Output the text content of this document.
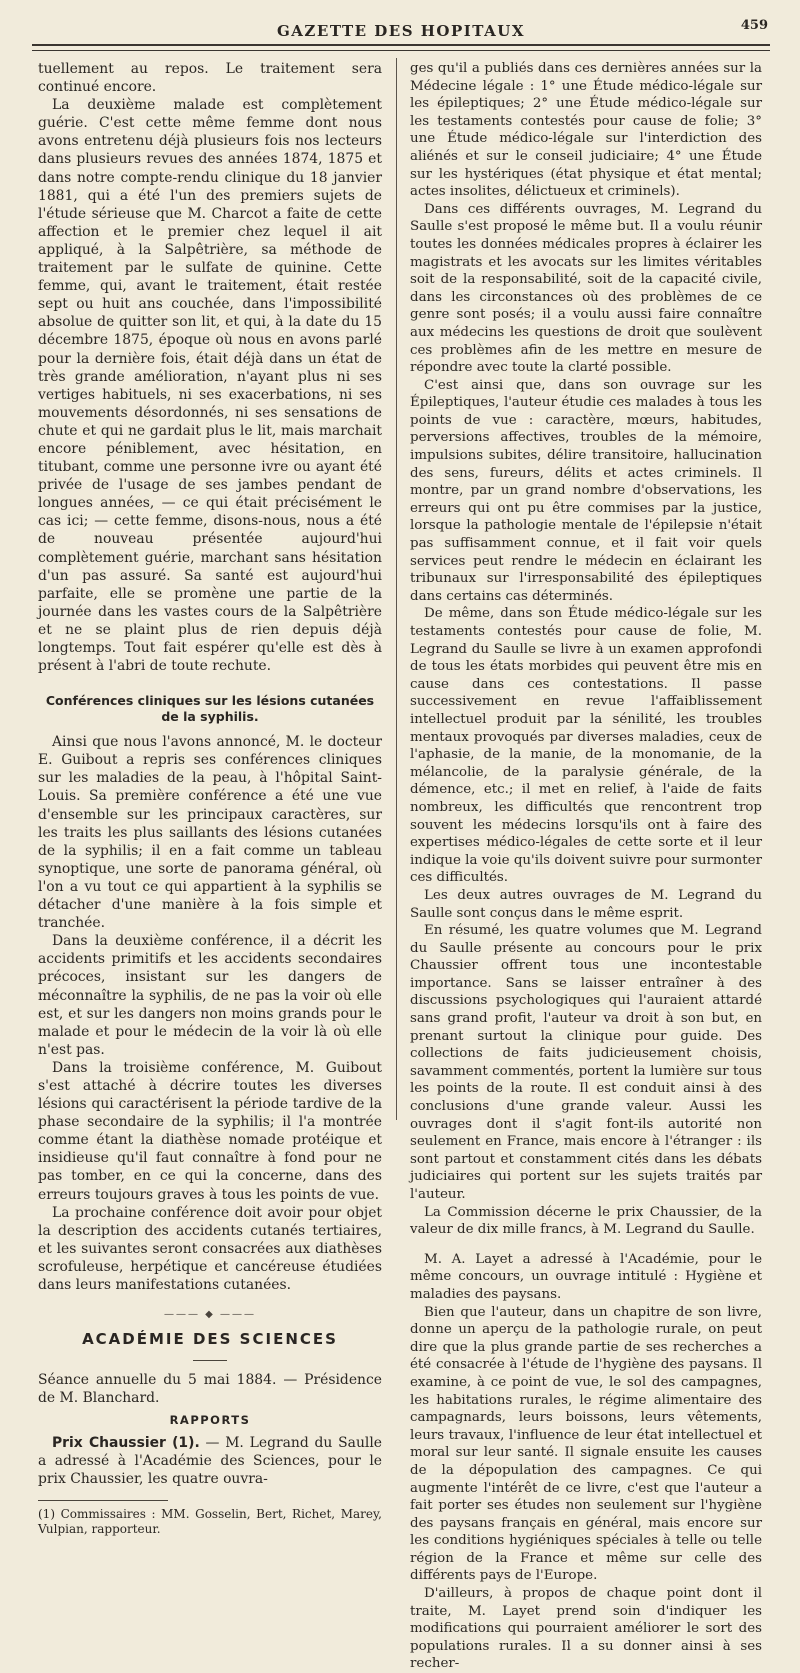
GAZETTE DES HOPITAUX	459

tuellement au repos. Le traitement sera continué encore.

La deuxième malade est complètement guérie. C'est cette même femme dont nous avons entretenu déjà plusieurs fois nos lecteurs dans plusieurs revues des années 1874, 1875 et dans notre compte-rendu clinique du 18 janvier 1881, qui a été l'un des premiers sujets de l'étude sérieuse que M. Charcot a faite de cette affection et le premier chez lequel il ait appliqué, à la Salpêtrière, sa méthode de traitement par le sulfate de quinine. Cette femme, qui, avant le traitement, était restée sept ou huit ans couchée, dans l'impossibilité absolue de quitter son lit, et qui, à la date du 15 décembre 1875, époque où nous en avons parlé pour la dernière fois, était déjà dans un état de très grande amélioration, n'ayant plus ni ses vertiges habituels, ni ses exacerbations, ni ses mouvements désordonnés, ni ses sensations de chute et qui ne gardait plus le lit, mais marchait encore péniblement, avec hésitation, en titubant, comme une personne ivre ou ayant été privée de l'usage de ses jambes pendant de longues années, — ce qui était précisément le cas ici; — cette femme, disons-nous, nous a été de nouveau présentée aujourd'hui complètement guérie, marchant sans hésitation d'un pas assuré. Sa santé est aujourd'hui parfaite, elle se promène une partie de la journée dans les vastes cours de la Salpêtrière et ne se plaint plus de rien depuis déjà longtemps. Tout fait espérer qu'elle est dès à présent à l'abri de toute rechute.

Conférences cliniques sur les lésions cutanées
de la syphilis.

Ainsi que nous l'avons annoncé, M. le docteur E. Guibout a repris ses conférences cliniques sur les maladies de la peau, à l'hôpital Saint-Louis. Sa première conférence a été une vue d'ensemble sur les principaux caractères, sur les traits les plus saillants des lésions cutanées de la syphilis; il en a fait comme un tableau synoptique, une sorte de panorama général, où l'on a vu tout ce qui appartient à la syphilis se détacher d'une manière à la fois simple et tranchée.

Dans la deuxième conférence, il a décrit les accidents primitifs et les accidents secondaires précoces, insistant sur les dangers de méconnaître la syphilis, de ne pas la voir où elle est, et sur les dangers non moins grands pour le malade et pour le médecin de la voir là où elle n'est pas.

Dans la troisième conférence, M. Guibout s'est attaché à décrire toutes les diverses lésions qui caractérisent la période tardive de la phase secondaire de la syphilis; il l'a montrée comme étant la diathèse nomade protéique et insidieuse qu'il faut connaître à fond pour ne pas tomber, en ce qui la concerne, dans des erreurs toujours graves à tous les points de vue.

La prochaine conférence doit avoir pour objet la description des accidents cutanés tertiaires, et les suivantes seront consacrées aux diathèses scrofuleuse, herpétique et cancéreuse étudiées dans leurs manifestations cutanées.

——— ◆ ———
ACADÉMIE DES SCIENCES

Séance annuelle du 5 mai 1884. — Présidence de M. Blanchard.

RAPPORTS

Prix Chaussier (1). — M. Legrand du Saulle a adressé à l'Académie des Sciences, pour le prix Chaussier, les quatre ouvra-

(1) Commissaires : MM. Gosselin, Bert, Richet, Marey, Vulpian, rapporteur.

ges qu'il a publiés dans ces dernières années sur la Médecine légale : 1° une Étude médico-légale sur les épileptiques; 2° une Étude médico-légale sur les testaments contestés pour cause de folie; 3° une Étude médico-légale sur l'interdiction des aliénés et sur le conseil judiciaire; 4° une Étude sur les hystériques (état physique et état mental; actes insolites, délictueux et criminels).

Dans ces différents ouvrages, M. Legrand du Saulle s'est proposé le même but. Il a voulu réunir toutes les données médicales propres à éclairer les magistrats et les avocats sur les limites véritables soit de la responsabilité, soit de la capacité civile, dans les circonstances où des problèmes de ce genre sont posés; il a voulu aussi faire connaître aux médecins les questions de droit que soulèvent ces problèmes afin de les mettre en mesure de répondre avec toute la clarté possible.

C'est ainsi que, dans son ouvrage sur les Épileptiques, l'auteur étudie ces malades à tous les points de vue : caractère, mœurs, habitudes, perversions affectives, troubles de la mémoire, impulsions subites, délire transitoire, hallucination des sens, fureurs, délits et actes criminels. Il montre, par un grand nombre d'observations, les erreurs qui ont pu être commises par la justice, lorsque la pathologie mentale de l'épilepsie n'était pas suffisamment connue, et il fait voir quels services peut rendre le médecin en éclairant les tribunaux sur l'irresponsabilité des épileptiques dans certains cas déterminés.

De même, dans son Étude médico-légale sur les testaments contestés pour cause de folie, M. Legrand du Saulle se livre à un examen approfondi de tous les états morbides qui peuvent être mis en cause dans ces contestations. Il passe successivement en revue l'affaiblissement intellectuel produit par la sénilité, les troubles mentaux provoqués par diverses maladies, ceux de l'aphasie, de la manie, de la monomanie, de la mélancolie, de la paralysie générale, de la démence, etc.; il met en relief, à l'aide de faits nombreux, les difficultés que rencontrent trop souvent les médecins lorsqu'ils ont à faire des expertises médico-légales de cette sorte et il leur indique la voie qu'ils doivent suivre pour surmonter ces difficultés.

Les deux autres ouvrages de M. Legrand du Saulle sont conçus dans le même esprit.

En résumé, les quatre volumes que M. Legrand du Saulle présente au concours pour le prix Chaussier offrent tous une incontestable importance. Sans se laisser entraîner à des discussions psychologiques qui l'auraient attardé sans grand profit, l'auteur va droit à son but, en prenant surtout la clinique pour guide. Des collections de faits judicieusement choisis, savamment commentés, portent la lumière sur tous les points de la route. Il est conduit ainsi à des conclusions d'une grande valeur. Aussi les ouvrages dont il s'agit font-ils autorité non seulement en France, mais encore à l'étranger : ils sont partout et constamment cités dans les débats judiciaires qui portent sur les sujets traités par l'auteur.

La Commission décerne le prix Chaussier, de la valeur de dix mille francs, à M. Legrand du Saulle.

M. A. Layet a adressé à l'Académie, pour le même concours, un ouvrage intitulé : Hygiène et maladies des paysans.

Bien que l'auteur, dans un chapitre de son livre, donne un aperçu de la pathologie rurale, on peut dire que la plus grande partie de ses recherches a été consacrée à l'étude de l'hygiène des paysans. Il examine, à ce point de vue, le sol des campagnes, les habitations rurales, le régime alimentaire des campagnards, leurs boissons, leurs vêtements, leurs travaux, l'influence de leur état intellectuel et moral sur leur santé. Il signale ensuite les causes de la dépopulation des campagnes. Ce qui augmente l'intérêt de ce livre, c'est que l'auteur a fait porter ses études non seulement sur l'hygiène des paysans français en général, mais encore sur les conditions hygiéniques spéciales à telle ou telle région de la France et même sur celle des différents pays de l'Europe.

D'ailleurs, à propos de chaque point dont il traite, M. Layet prend soin d'indiquer les modifications qui pourraient améliorer le sort des populations rurales. Il a su donner ainsi à ses recher-
